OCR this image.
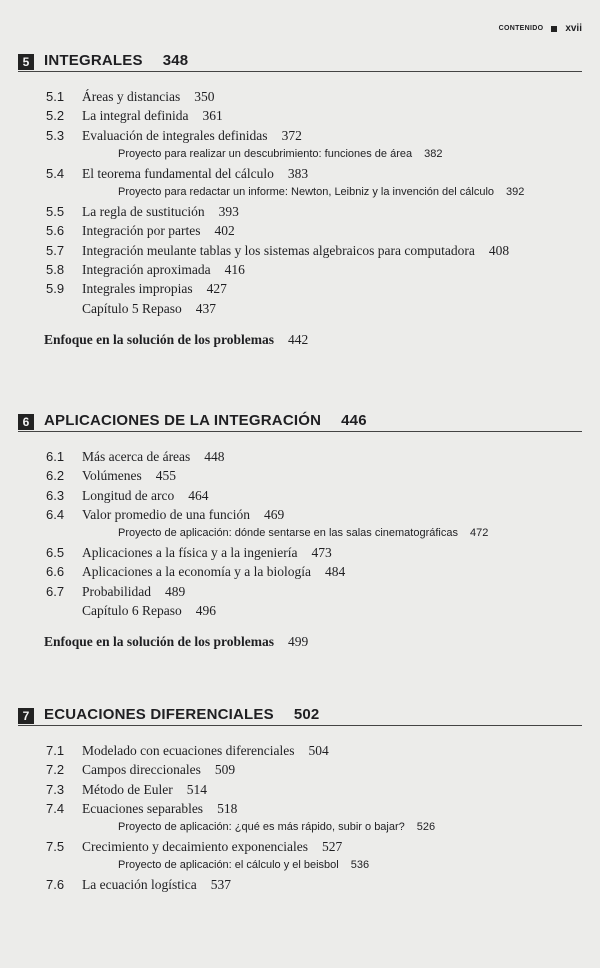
CONTENIDO xvii
5 INTEGRALES 348
5.1	Áreas y distancias 350
5.2	La integral definida 361
5.3	Evaluación de integrales definidas 372
Proyecto para realizar un descubrimiento: funciones de área 382
5.4	El teorema fundamental del cálculo 383
Proyecto para redactar un informe: Newton, Leibniz y la invención del cálculo 392
5.5	La regla de sustitución 393
5.6	Integración por partes 402
5.7	Integración meulante tablas y los sistemas algebraicos para computadora 408
5.8	Integración aproximada 416
5.9	Integrales impropias 427
Capítulo 5 Repaso 437
Enfoque en la solución de los problemas 442
6 APLICACIONES DE LA INTEGRACIÓN 446
6.1	Más acerca de áreas 448
6.2	Volúmenes 455
6.3	Longitud de arco 464
6.4	Valor promedio de una función 469
Proyecto de aplicación: dónde sentarse en las salas cinematográficas 472
6.5	Aplicaciones a la física y a la ingeniería 473
6.6	Aplicaciones a la economía y a la biología 484
6.7	Probabilidad 489
Capítulo 6 Repaso 496
Enfoque en la solución de los problemas 499
7 ECUACIONES DIFERENCIALES 502
7.1	Modelado con ecuaciones diferenciales 504
7.2	Campos direccionales 509
7.3	Método de Euler 514
7.4	Ecuaciones separables 518
Proyecto de aplicación: ¿qué es más rápido, subir o bajar? 526
7.5	Crecimiento y decaimiento exponenciales 527
Proyecto de aplicación: el cálculo y el beisbol 536
7.6	La ecuación logística 537
